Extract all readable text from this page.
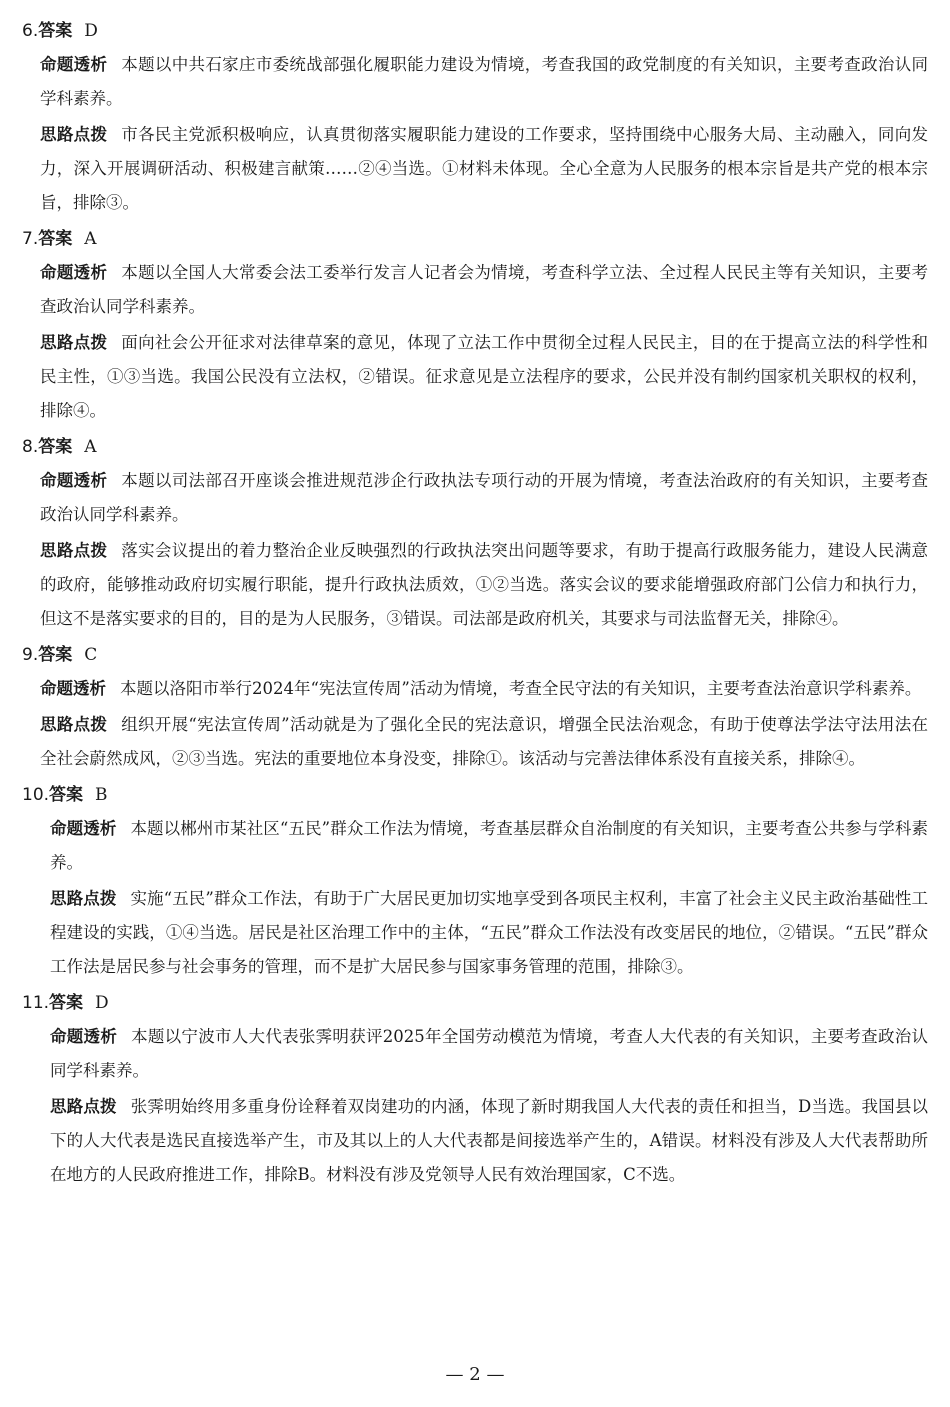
6.答案 D

命题透析 本题以中共石家庄市委统战部强化履职能力建设为情境，考查我国的政党制度的有关知识，主要考查政治认同学科素养。

思路点拨 市各民主党派积极响应，认真贯彻落实履职能力建设的工作要求，坚持围绕中心服务大局、主动融入，同向发力，深入开展调研活动、积极建言献策……②④当选。①材料未体现。全心全意为人民服务的根本宗旨是共产党的根本宗旨，排除③。

7.答案 A

命题透析 本题以全国人大常委会法工委举行发言人记者会为情境，考查科学立法、全过程人民民主等有关知识，主要考查政治认同学科素养。

思路点拨 面向社会公开征求对法律草案的意见，体现了立法工作中贯彻全过程人民民主，目的在于提高立法的科学性和民主性，①③当选。我国公民没有立法权，②错误。征求意见是立法程序的要求，公民并没有制约国家机关职权的权利，排除④。

8.答案 A

命题透析 本题以司法部召开座谈会推进规范涉企行政执法专项行动的开展为情境，考查法治政府的有关知识，主要考查政治认同学科素养。

思路点拨 落实会议提出的着力整治企业反映强烈的行政执法突出问题等要求，有助于提高行政服务能力，建设人民满意的政府，能够推动政府切实履行职能，提升行政执法质效，①②当选。落实会议的要求能增强政府部门公信力和执行力，但这不是落实要求的目的，目的是为人民服务，③错误。司法部是政府机关，其要求与司法监督无关，排除④。

9.答案 C

命题透析 本题以洛阳市举行2024年“宪法宣传周”活动为情境，考查全民守法的有关知识，主要考查法治意识学科素养。

思路点拨 组织开展“宪法宣传周”活动就是为了强化全民的宪法意识，增强全民法治观念，有助于使尊法学法守法用法在全社会蔚然成风，②③当选。宪法的重要地位本身没变，排除①。该活动与完善法律体系没有直接关系，排除④。

10.答案 B

命题透析 本题以郴州市某社区“五民”群众工作法为情境，考查基层群众自治制度的有关知识，主要考查公共参与学科素养。

思路点拨 实施“五民”群众工作法，有助于广大居民更加切实地享受到各项民主权利，丰富了社会主义民主政治基础性工程建设的实践，①④当选。居民是社区治理工作中的主体，“五民”群众工作法没有改变居民的地位，②错误。“五民”群众工作法是居民参与社会事务的管理，而不是扩大居民参与国家事务管理的范围，排除③。

11.答案 D

命题透析 本题以宁波市人大代表张霁明获评2025年全国劳动模范为情境，考查人大代表的有关知识，主要考查政治认同学科素养。

思路点拨 张霁明始终用多重身份诠释着双岗建功的内涵，体现了新时期我国人大代表的责任和担当，D当选。我国县以下的人大代表是选民直接选举产生，市及其以上的人大代表都是间接选举产生的，A错误。材料没有涉及人大代表帮助所在地方的人民政府推进工作，排除B。材料没有涉及党领导人民有效治理国家，C不选。

— 2 —
